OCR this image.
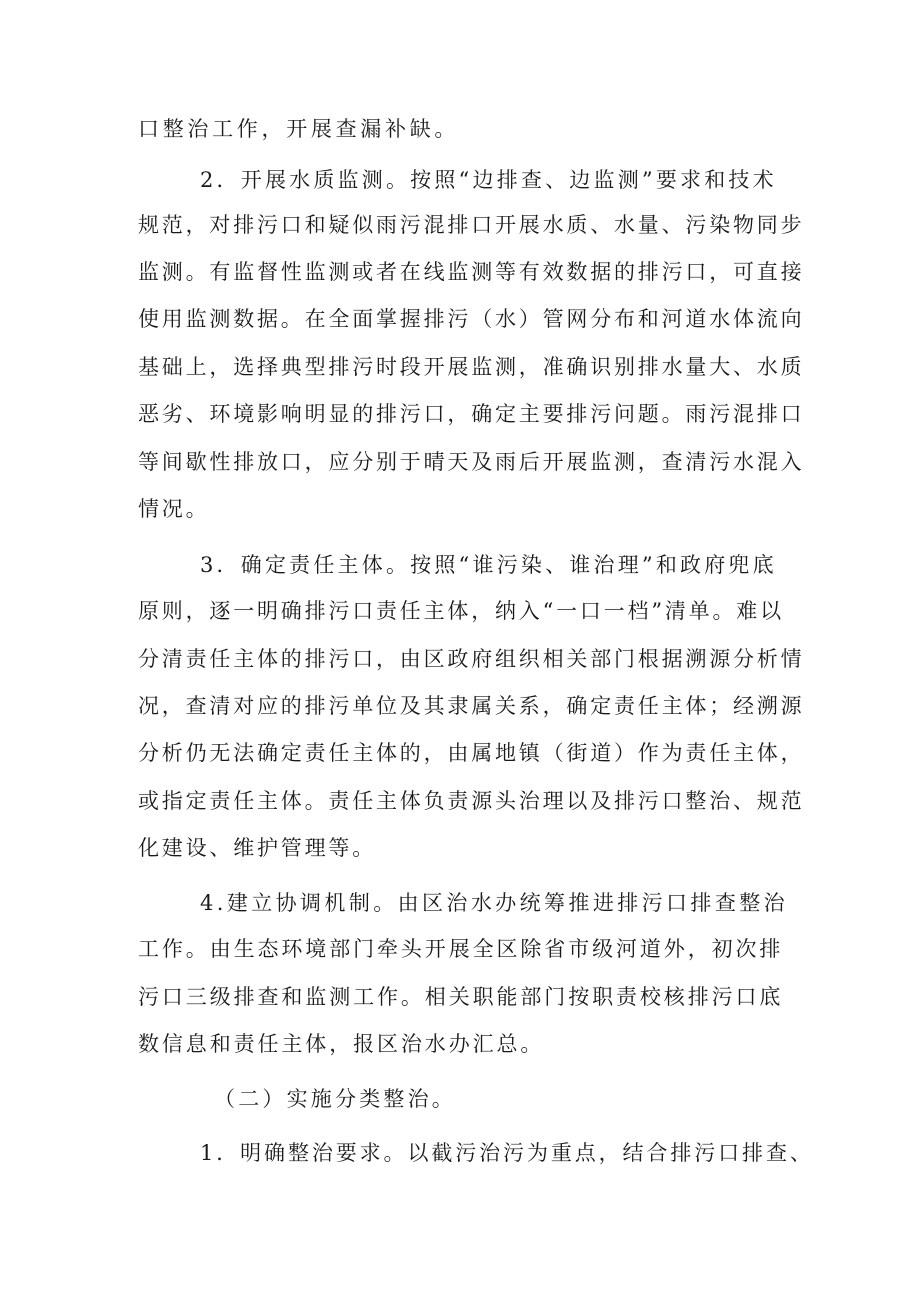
口整治工作，开展查漏补缺。

2．开展水质监测。按照“边排查、边监测”要求和技术

规范，对排污口和疑似雨污混排口开展水质、水量、污染物同步

监测。有监督性监测或者在线监测等有效数据的排污口，可直接

使用监测数据。在全面掌握排污（水）管网分布和河道水体流向

基础上，选择典型排污时段开展监测，准确识别排水量大、水质

恶劣、环境影响明显的排污口，确定主要排污问题。雨污混排口

等间歇性排放口，应分别于晴天及雨后开展监测，查清污水混入

情况。

3．确定责任主体。按照“谁污染、谁治理”和政府兜底

原则，逐一明确排污口责任主体，纳入“一口一档”清单。难以

分清责任主体的排污口，由区政府组织相关部门根据溯源分析情

况，查清对应的排污单位及其隶属关系，确定责任主体；经溯源

分析仍无法确定责任主体的，由属地镇（街道）作为责任主体，

或指定责任主体。责任主体负责源头治理以及排污口整治、规范

化建设、维护管理等。

4.建立协调机制。由区治水办统筹推进排污口排查整治

工作。由生态环境部门牵头开展全区除省市级河道外，初次排

污口三级排查和监测工作。相关职能部门按职责校核排污口底

数信息和责任主体，报区治水办汇总。

（二）实施分类整治。

1．明确整治要求。以截污治污为重点，结合排污口排查、
